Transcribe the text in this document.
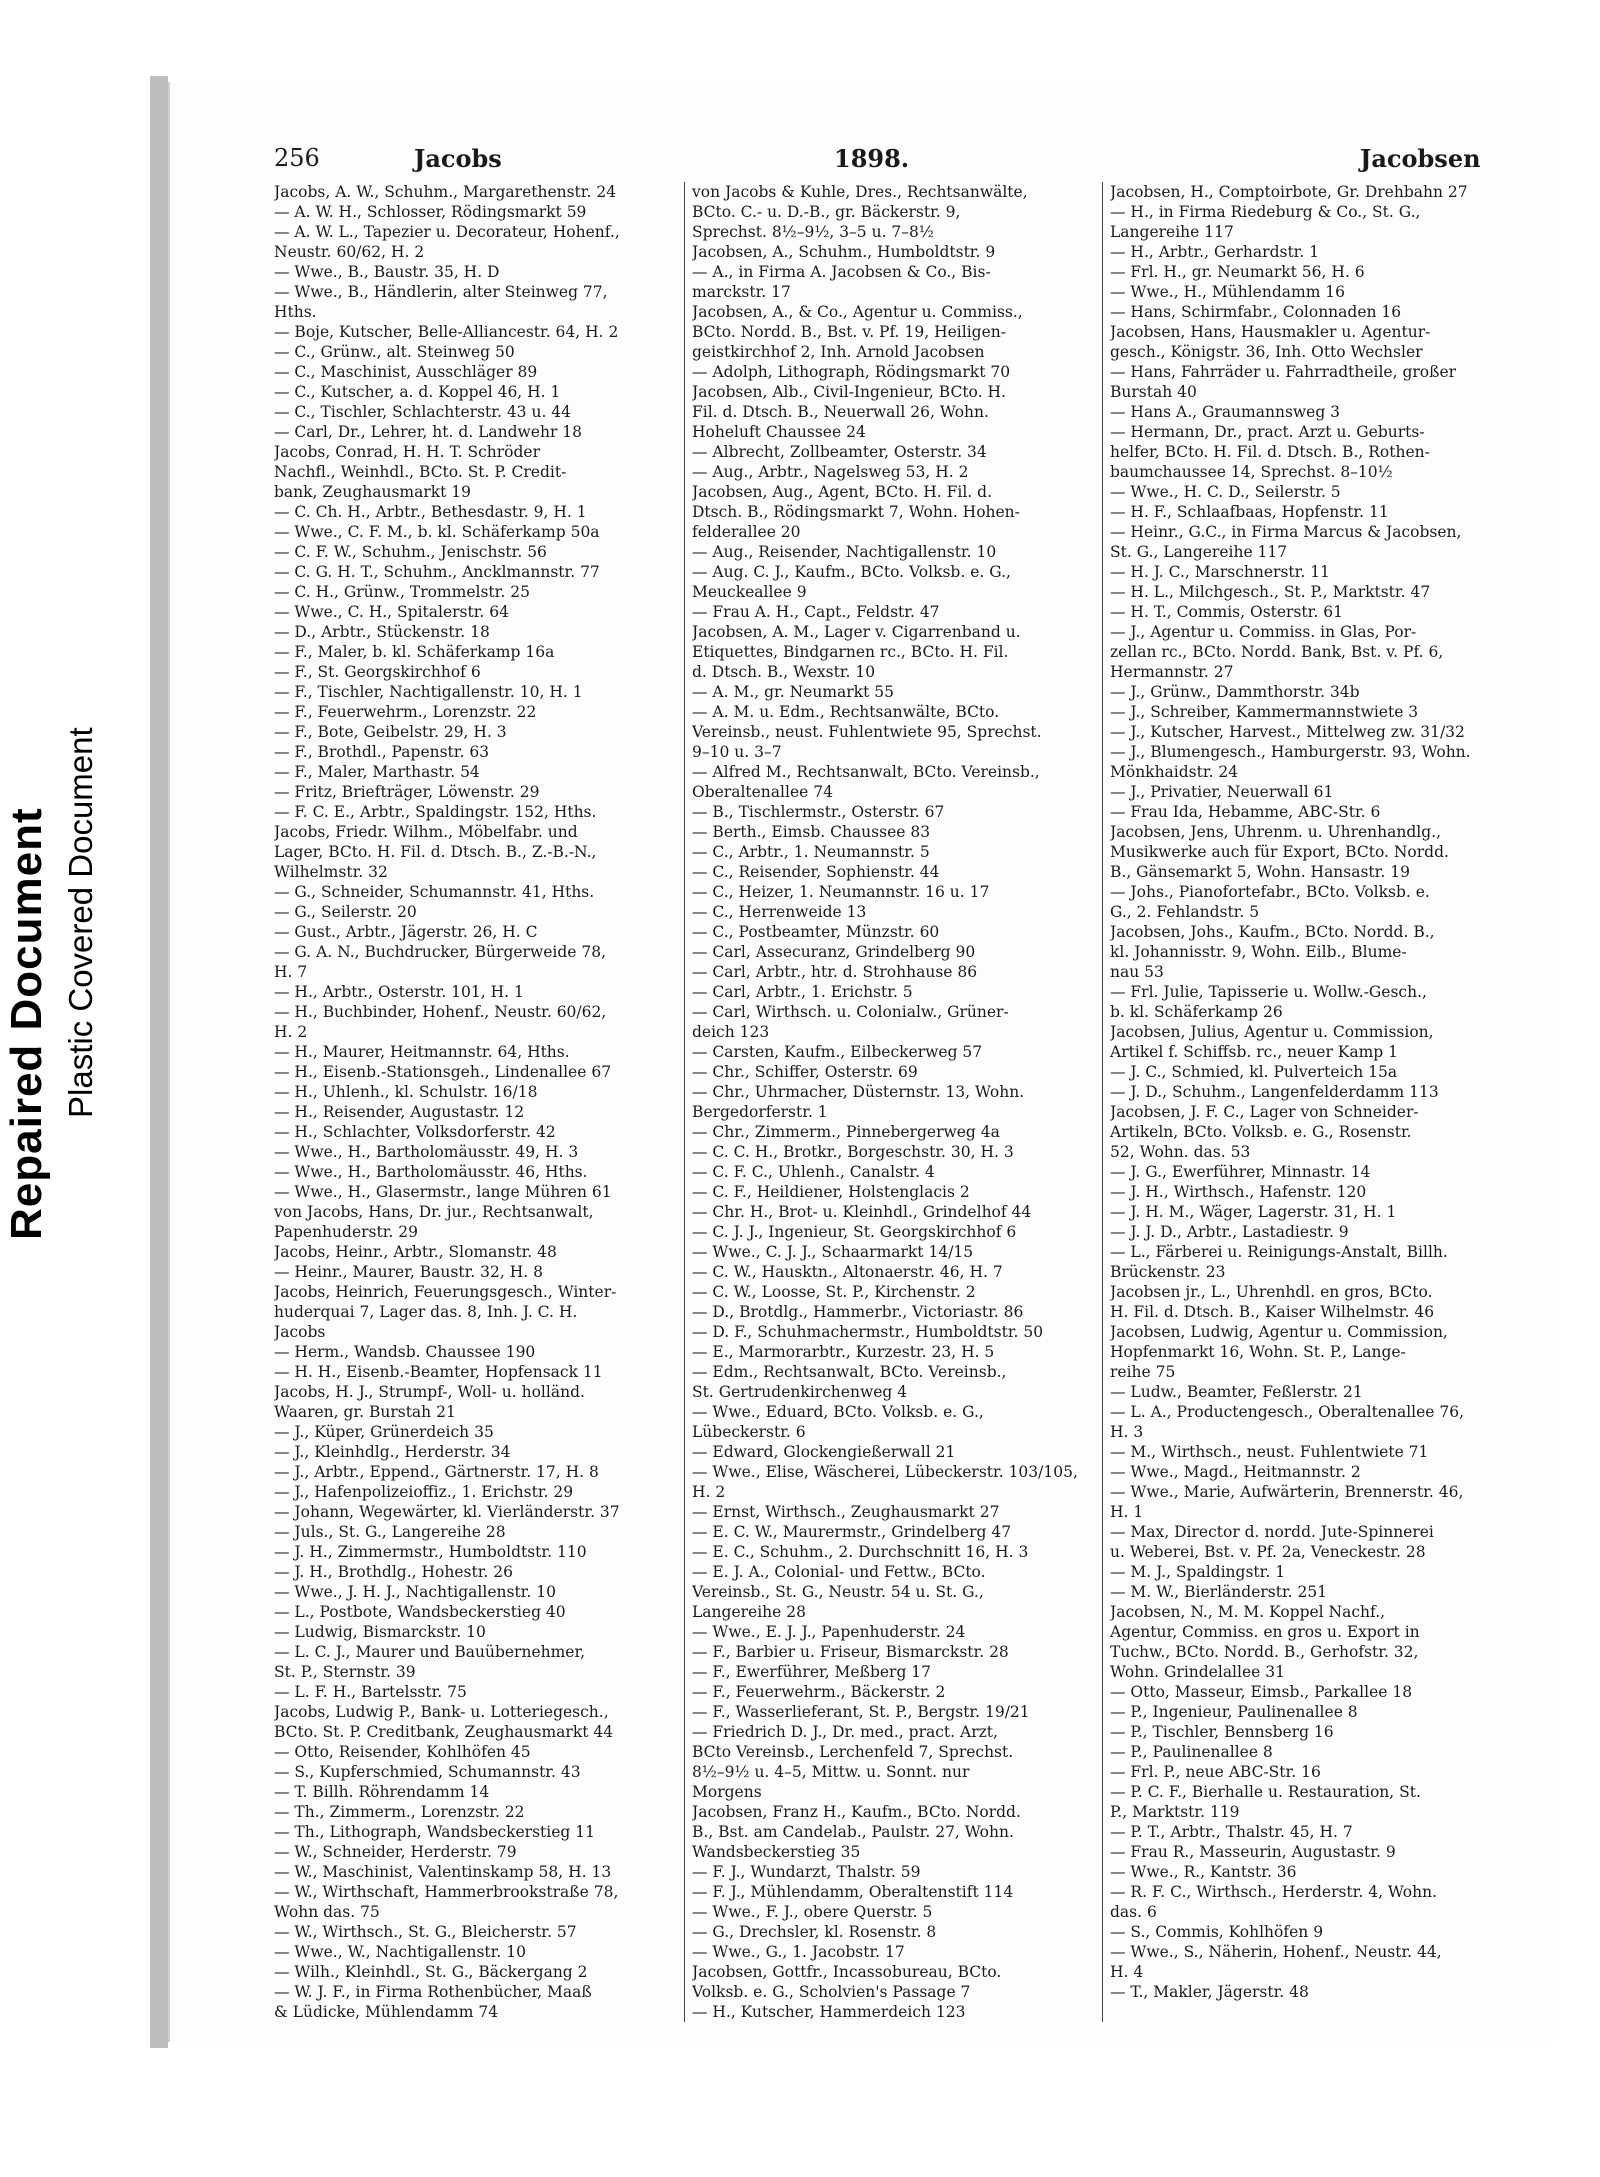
Repaired Document Plastic Covered Document
256	Jacobs	1898.	Jacobsen
Jacobs, A. W., Schuhm., Margarethenstr. 24
— A. W. H., Schlosser, Rödingsmarkt 59
— A. W. L., Tapezier u. Decorateur, Hohenf.,
Neustr. 60/62, H. 2
— Wwe., B., Baustr. 35, H. D
— Wwe., B., Händlerin, alter Steinweg 77,
Hths.
— Boje, Kutscher, Belle-Alliancestr. 64, H. 2
— C., Grünw., alt. Steinweg 50
— C., Maschinist, Ausschläger 89
— C., Kutscher, a. d. Koppel 46, H. 1
— C., Tischler, Schlachterstr. 43 u. 44
— Carl, Dr., Lehrer, ht. d. Landwehr 18
Jacobs, Conrad, H. H. T. Schröder
Nachfl., Weinhdl., BCto. St. P. Credit-
bank, Zeughausmarkt 19
— C. Ch. H., Arbtr., Bethesdastr. 9, H. 1
— Wwe., C. F. M., b. kl. Schäferkamp 50a
— C. F. W., Schuhm., Jenischstr. 56
— C. G. H. T., Schuhm., Ancklmannstr. 77
— C. H., Grünw., Trommelstr. 25
— Wwe., C. H., Spitalerstr. 64
— D., Arbtr., Stückenstr. 18
— F., Maler, b. kl. Schäferkamp 16a
— F., St. Georgskirchhof 6
— F., Tischler, Nachtigallenstr. 10, H. 1
— F., Feuerwehrm., Lorenzstr. 22
— F., Bote, Geibelstr. 29, H. 3
— F., Brothdl., Papenstr. 63
— F., Maler, Marthastr. 54
— Fritz, Briefträger, Löwenstr. 29
— F. C. E., Arbtr., Spaldingstr. 152, Hths.
Jacobs, Friedr. Wilhm., Möbelfabr. und
Lager, BCto. H. Fil. d. Dtsch. B., Z.-B.-N.,
Wilhelmstr. 32
— G., Schneider, Schumannstr. 41, Hths.
— G., Seilerstr. 20
— Gust., Arbtr., Jägerstr. 26, H. C
— G. A. N., Buchdrucker, Bürgerweide 78,
H. 7
— H., Arbtr., Osterstr. 101, H. 1
— H., Buchbinder, Hohenf., Neustr. 60/62,
H. 2
— H., Maurer, Heitmannstr. 64, Hths.
— H., Eisenb.-Stationsgeh., Lindenallee 67
— H., Uhlenh., kl. Schulstr. 16/18
— H., Reisender, Augustastr. 12
— H., Schlachter, Volksdorferstr. 42
— Wwe., H., Bartholomäusstr. 49, H. 3
— Wwe., H., Bartholomäusstr. 46, Hths.
— Wwe., H., Glasermstr., lange Mühren 61
von Jacobs, Hans, Dr. jur., Rechtsanwalt,
Papenhuderstr. 29
Jacobs, Heinr., Arbtr., Slomanstr. 48
— Heinr., Maurer, Baustr. 32, H. 8
Jacobs, Heinrich, Feuerungsgesch., Winter-
huderquai 7, Lager das. 8, Inh. J. C. H.
Jacobs
— Herm., Wandsb. Chaussee 190
— H. H., Eisenb.-Beamter, Hopfensack 11
Jacobs, H. J., Strumpf-, Woll- u. holländ.
Waaren, gr. Burstah 21
— J., Küper, Grünerdeich 35
— J., Kleinhdlg., Herderstr. 34
— J., Arbtr., Eppend., Gärtnerstr. 17, H. 8
— J., Hafenpolizeioffiz., 1. Erichstr. 29
— Johann, Wegewärter, kl. Vierländerstr. 37
— Juls., St. G., Langereihe 28
— J. H., Zimmermstr., Humboldtstr. 110
— J. H., Brothdlg., Hohestr. 26
— Wwe., J. H. J., Nachtigallenstr. 10
— L., Postbote, Wandsbeckerstieg 40
— Ludwig, Bismarckstr. 10
— L. C. J., Maurer und Bauübernehmer,
St. P., Sternstr. 39
— L. F. H., Bartelsstr. 75
Jacobs, Ludwig P., Bank- u. Lotteriegesch.,
BCto. St. P. Creditbank, Zeughausmarkt 44
— Otto, Reisender, Kohlhöfen 45
— S., Kupferschmied, Schumannstr. 43
— T. Billh. Röhrendamm 14
— Th., Zimmerm., Lorenzstr. 22
— Th., Lithograph, Wandsbeckerstieg 11
— W., Schneider, Herderstr. 79
— W., Maschinist, Valentinskamp 58, H. 13
— W., Wirthschaft, Hammerbrookstraße 78,
Wohn das. 75
— W., Wirthsch., St. G., Bleicherstr. 57
— Wwe., W., Nachtigallenstr. 10
— Wilh., Kleinhdl., St. G., Bäckergang 2
— W. J. F., in Firma Rothenbücher, Maaß
& Lüdicke, Mühlendamm 74
von Jacobs & Kuhle, Dres., Rechtsanwälte,
BCto. C.- u. D.-B., gr. Bäckerstr. 9,
Sprechst. 8½–9½, 3–5 u. 7–8½
Jacobsen, A., Schuhm., Humboldtstr. 9
— A., in Firma A. Jacobsen & Co., Bis-
marckstr. 17
Jacobsen, A., & Co., Agentur u. Commiss.,
BCto. Nordd. B., Bst. v. Pf. 19, Heiligen-
geistkirchhof 2, Inh. Arnold Jacobsen
— Adolph, Lithograph, Rödingsmarkt 70
Jacobsen, Alb., Civil-Ingenieur, BCto. H.
Fil. d. Dtsch. B., Neuerwall 26, Wohn.
Hoheluft Chaussee 24
— Albrecht, Zollbeamter, Osterstr. 34
— Aug., Arbtr., Nagelsweg 53, H. 2
Jacobsen, Aug., Agent, BCto. H. Fil. d.
Dtsch. B., Rödingsmarkt 7, Wohn. Hohen-
felderallee 20
— Aug., Reisender, Nachtigallenstr. 10
— Aug. C. J., Kaufm., BCto. Volksb. e. G.,
Meuckeallee 9
— Frau A. H., Capt., Feldstr. 47
Jacobsen, A. M., Lager v. Cigarrenband u.
Etiquettes, Bindgarnen rc., BCto. H. Fil.
d. Dtsch. B., Wexstr. 10
— A. M., gr. Neumarkt 55
— A. M. u. Edm., Rechtsanwälte, BCto.
Vereinsb., neust. Fuhlentwiete 95, Sprechst.
9–10 u. 3–7
— Alfred M., Rechtsanwalt, BCto. Vereinsb.,
Oberaltenallee 74
— B., Tischlermstr., Osterstr. 67
— Berth., Eimsb. Chaussee 83
— C., Arbtr., 1. Neumannstr. 5
— C., Reisender, Sophienstr. 44
— C., Heizer, 1. Neumannstr. 16 u. 17
— C., Herrenweide 13
— C., Postbeamter, Münzstr. 60
— Carl, Assecuranz, Grindelberg 90
— Carl, Arbtr., htr. d. Strohhause 86
— Carl, Arbtr., 1. Erichstr. 5
— Carl, Wirthsch. u. Colonialw., Grüner-
deich 123
— Carsten, Kaufm., Eilbeckerweg 57
— Chr., Schiffer, Osterstr. 69
— Chr., Uhrmacher, Düsternstr. 13, Wohn.
Bergedorferstr. 1
— Chr., Zimmerm., Pinnebergerweg 4a
— C. C. H., Brotkr., Borgeschstr. 30, H. 3
— C. F. C., Uhlenh., Canalstr. 4
— C. F., Heildiener, Holstenglacis 2
— Chr. H., Brot- u. Kleinhdl., Grindelhof 44
— C. J. J., Ingenieur, St. Georgskirchhof 6
— Wwe., C. J. J., Schaarmarkt 14/15
— C. W., Hausktn., Altonaerstr. 46, H. 7
— C. W., Loosse, St. P., Kirchenstr. 2
— D., Brotdlg., Hammerbr., Victoriastr. 86
— D. F., Schuhmachermstr., Humboldtstr. 50
— E., Marmorarbtr., Kurzestr. 23, H. 5
— Edm., Rechtsanwalt, BCto. Vereinsb.,
St. Gertrudenkirchenweg 4
— Wwe., Eduard, BCto. Volksb. e. G.,
Lübeckerstr. 6
— Edward, Glockengießerwall 21
— Wwe., Elise, Wäscherei, Lübeckerstr. 103/105,
H. 2
— Ernst, Wirthsch., Zeughausmarkt 27
— E. C. W., Maurermstr., Grindelberg 47
— E. C., Schuhm., 2. Durchschnitt 16, H. 3
— E. J. A., Colonial- und Fettw., BCto.
Vereinsb., St. G., Neustr. 54 u. St. G.,
Langereihe 28
— Wwe., E. J. J., Papenhuderstr. 24
— F., Barbier u. Friseur, Bismarckstr. 28
— F., Ewerführer, Meßberg 17
— F., Feuerwehrm., Bäckerstr. 2
— F., Wasserlieferant, St. P., Bergstr. 19/21
— Friedrich D. J., Dr. med., pract. Arzt,
BCto Vereinsb., Lerchenfeld 7, Sprechst.
8½–9½ u. 4–5, Mittw. u. Sonnt. nur
Morgens
Jacobsen, Franz H., Kaufm., BCto. Nordd.
B., Bst. am Candelab., Paulstr. 27, Wohn.
Wandsbeckerstieg 35
— F. J., Wundarzt, Thalstr. 59
— F. J., Mühlendamm, Oberaltenstift 114
— Wwe., F. J., obere Querstr. 5
— G., Drechsler, kl. Rosenstr. 8
— Wwe., G., 1. Jacobstr. 17
Jacobsen, Gottfr., Incassobureau, BCto.
Volksb. e. G., Scholvien's Passage 7
— H., Kutscher, Hammerdeich 123
Jacobsen, H., Comptoirbote, Gr. Drehbahn 27
— H., in Firma Riedeburg & Co., St. G.,
Langereihe 117
— H., Arbtr., Gerhardstr. 1
— Frl. H., gr. Neumarkt 56, H. 6
— Wwe., H., Mühlendamm 16
— Hans, Schirmfabr., Colonnaden 16
Jacobsen, Hans, Hausmakler u. Agentur-
gesch., Königstr. 36, Inh. Otto Wechsler
— Hans, Fahrräder u. Fahrradtheile, großer
Burstah 40
— Hans A., Graumannsweg 3
— Hermann, Dr., pract. Arzt u. Geburts-
helfer, BCto. H. Fil. d. Dtsch. B., Rothen-
baumchaussee 14, Sprechst. 8–10½
— Wwe., H. C. D., Seilerstr. 5
— H. F., Schlaafbaas, Hopfenstr. 11
— Heinr., G.C., in Firma Marcus & Jacobsen,
St. G., Langereihe 117
— H. J. C., Marschnerstr. 11
— H. L., Milchgesch., St. P., Marktstr. 47
— H. T., Commis, Osterstr. 61
— J., Agentur u. Commiss. in Glas, Por-
zellan rc., BCto. Nordd. Bank, Bst. v. Pf. 6,
Hermannstr. 27
— J., Grünw., Dammthorstr. 34b
— J., Schreiber, Kammermannstwiete 3
— J., Kutscher, Harvest., Mittelweg zw. 31/32
— J., Blumengesch., Hamburgerstr. 93, Wohn.
Mönkhaidstr. 24
— J., Privatier, Neuerwall 61
— Frau Ida, Hebamme, ABC-Str. 6
Jacobsen, Jens, Uhrenm. u. Uhrenhandlg.,
Musikwerke auch für Export, BCto. Nordd.
B., Gänsemarkt 5, Wohn. Hansastr. 19
— Johs., Pianofortefabr., BCto. Volksb. e.
G., 2. Fehlandstr. 5
Jacobsen, Johs., Kaufm., BCto. Nordd. B.,
kl. Johannisstr. 9, Wohn. Eilb., Blume-
nau 53
— Frl. Julie, Tapisserie u. Wollw.-Gesch.,
b. kl. Schäferkamp 26
Jacobsen, Julius, Agentur u. Commission,
Artikel f. Schiffsb. rc., neuer Kamp 1
— J. C., Schmied, kl. Pulverteich 15a
— J. D., Schuhm., Langenfelderdamm 113
Jacobsen, J. F. C., Lager von Schneider-
Artikeln, BCto. Volksb. e. G., Rosenstr.
52, Wohn. das. 53
— J. G., Ewerführer, Minnastr. 14
— J. H., Wirthsch., Hafenstr. 120
— J. H. M., Wäger, Lagerstr. 31, H. 1
— J. J. D., Arbtr., Lastadiestr. 9
— L., Färberei u. Reinigungs-Anstalt, Billh.
Brückenstr. 23
Jacobsen jr., L., Uhrenhdl. en gros, BCto.
H. Fil. d. Dtsch. B., Kaiser Wilhelmstr. 46
Jacobsen, Ludwig, Agentur u. Commission,
Hopfenmarkt 16, Wohn. St. P., Lange-
reihe 75
— Ludw., Beamter, Feßlerstr. 21
— L. A., Productengesch., Oberaltenallee 76,
H. 3
— M., Wirthsch., neust. Fuhlentwiete 71
— Wwe., Magd., Heitmannstr. 2
— Wwe., Marie, Aufwärterin, Brennerstr. 46,
H. 1
— Max, Director d. nordd. Jute-Spinnerei
u. Weberei, Bst. v. Pf. 2a, Veneckestr. 28
— M. J., Spaldingstr. 1
— M. W., Bierländerstr. 251
Jacobsen, N., M. M. Koppel Nachf.,
Agentur, Commiss. en gros u. Export in
Tuchw., BCto. Nordd. B., Gerhofstr. 32,
Wohn. Grindelallee 31
— Otto, Masseur, Eimsb., Parkallee 18
— P., Ingenieur, Paulinenallee 8
— P., Tischler, Bennsberg 16
— P., Paulinenallee 8
— Frl. P., neue ABC-Str. 16
— P. C. F., Bierhalle u. Restauration, St.
P., Marktstr. 119
— P. T., Arbtr., Thalstr. 45, H. 7
— Frau R., Masseurin, Augustastr. 9
— Wwe., R., Kantstr. 36
— R. F. C., Wirthsch., Herderstr. 4, Wohn.
das. 6
— S., Commis, Kohlhöfen 9
— Wwe., S., Näherin, Hohenf., Neustr. 44,
H. 4
— T., Makler, Jägerstr. 48
